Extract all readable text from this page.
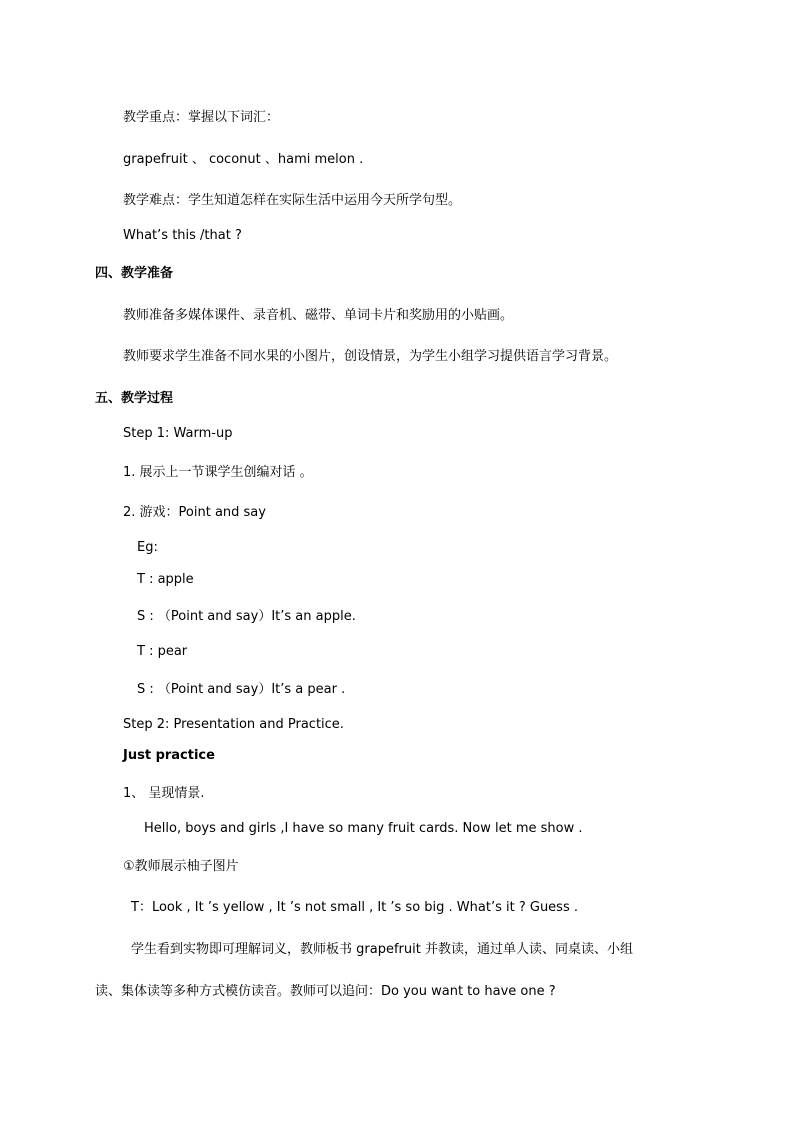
教学重点：掌握以下词汇：
grapefruit 、 coconut 、hami melon .
教学难点：学生知道怎样在实际生活中运用今天所学句型。
What’s this /that ?
四、教学准备
教师准备多媒体课件、录音机、磁带、单词卡片和奖励用的小贴画。
教师要求学生准备不同水果的小图片，创设情景，为学生小组学习提供语言学习背景。
五、教学过程
Step 1: Warm-up
1. 展示上一节课学生创编对话 。
2. 游戏：Point and say
Eg:
T : apple
S : （Point and say）It’s an apple.
T : pear
S : （Point and say）It’s a pear .
Step 2: Presentation and Practice.
Just practice
1、 呈现情景.
Hello, boys and girls ,I have so many fruit cards. Now let me show .
①教师展示柚子图片
T：Look , It ’s yellow , It ’s not small , It ’s so big . What’s it ? Guess .
学生看到实物即可理解词义，教师板书 grapefruit 并教读，通过单人读、同桌读、小组
读、集体读等多种方式模仿读音。教师可以追问：Do you want to have one ?
